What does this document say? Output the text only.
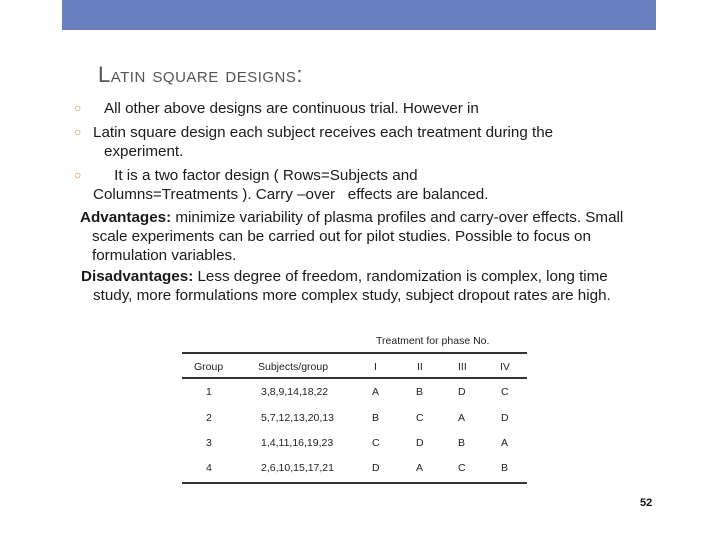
Latin square designs:
○ All other above designs are continuous trial. However in
○ Latin square design each subject receives each treatment during the experiment.
○ It is a two factor design ( Rows=Subjects and Columns=Treatments ). Carry –over   effects are balanced.
Advantages: minimize variability of plasma profiles and carry-over effects. Small scale experiments can be carried out for pilot studies. Possible to focus on formulation variables.
Disadvantages: Less degree of freedom, randomization is complex, long time study, more formulations more complex study, subject dropout rates are high.
Treatment for phase No.
Group	Subjects/group	I	II	III	IV
1	3,8,9,14,18,22	A	B	D	C
2	5,7,12,13,20,13	B	C	A	D
3	1,4,11,16,19,23	C	D	B	A
4	2,6,10,15,17,21	D	A	C	B
52
